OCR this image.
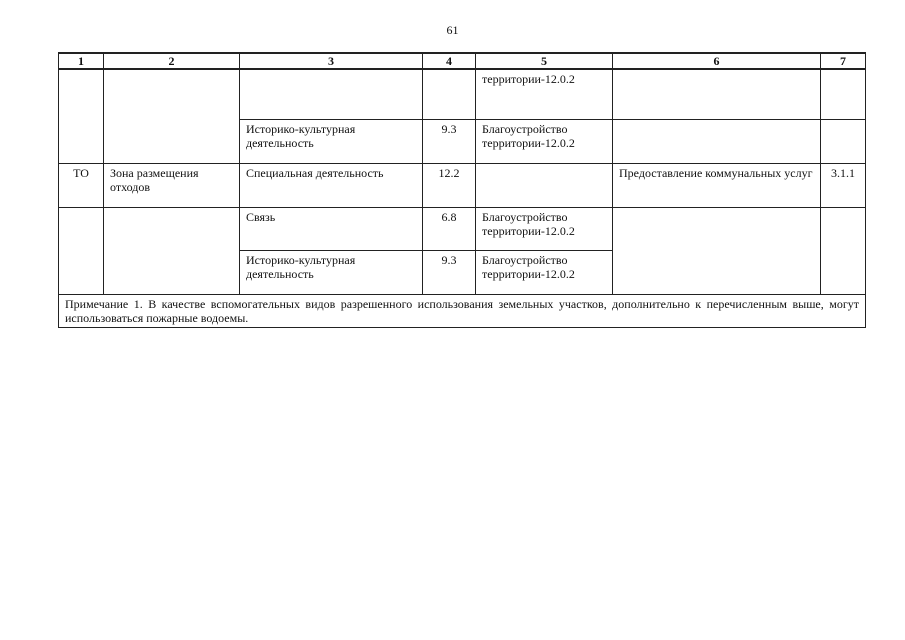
61
1	2	3	4	5	6	7
				территории-12.0.2		
		Историко-культурная деятельность	9.3	Благоустройство территории-12.0.2		
ТО	Зона размещения отходов	Специальная деятельность	12.2		Предоставление коммунальных услуг	3.1.1
		Связь	6.8	Благоустройство территории-12.0.2		
		Историко-культурная деятельность	9.3	Благоустройство территории-12.0.2		
Примечание 1. В качестве вспомогательных видов разрешенного использования земельных участков, дополнительно к перечисленным выше, могут использоваться пожарные водоемы.						
